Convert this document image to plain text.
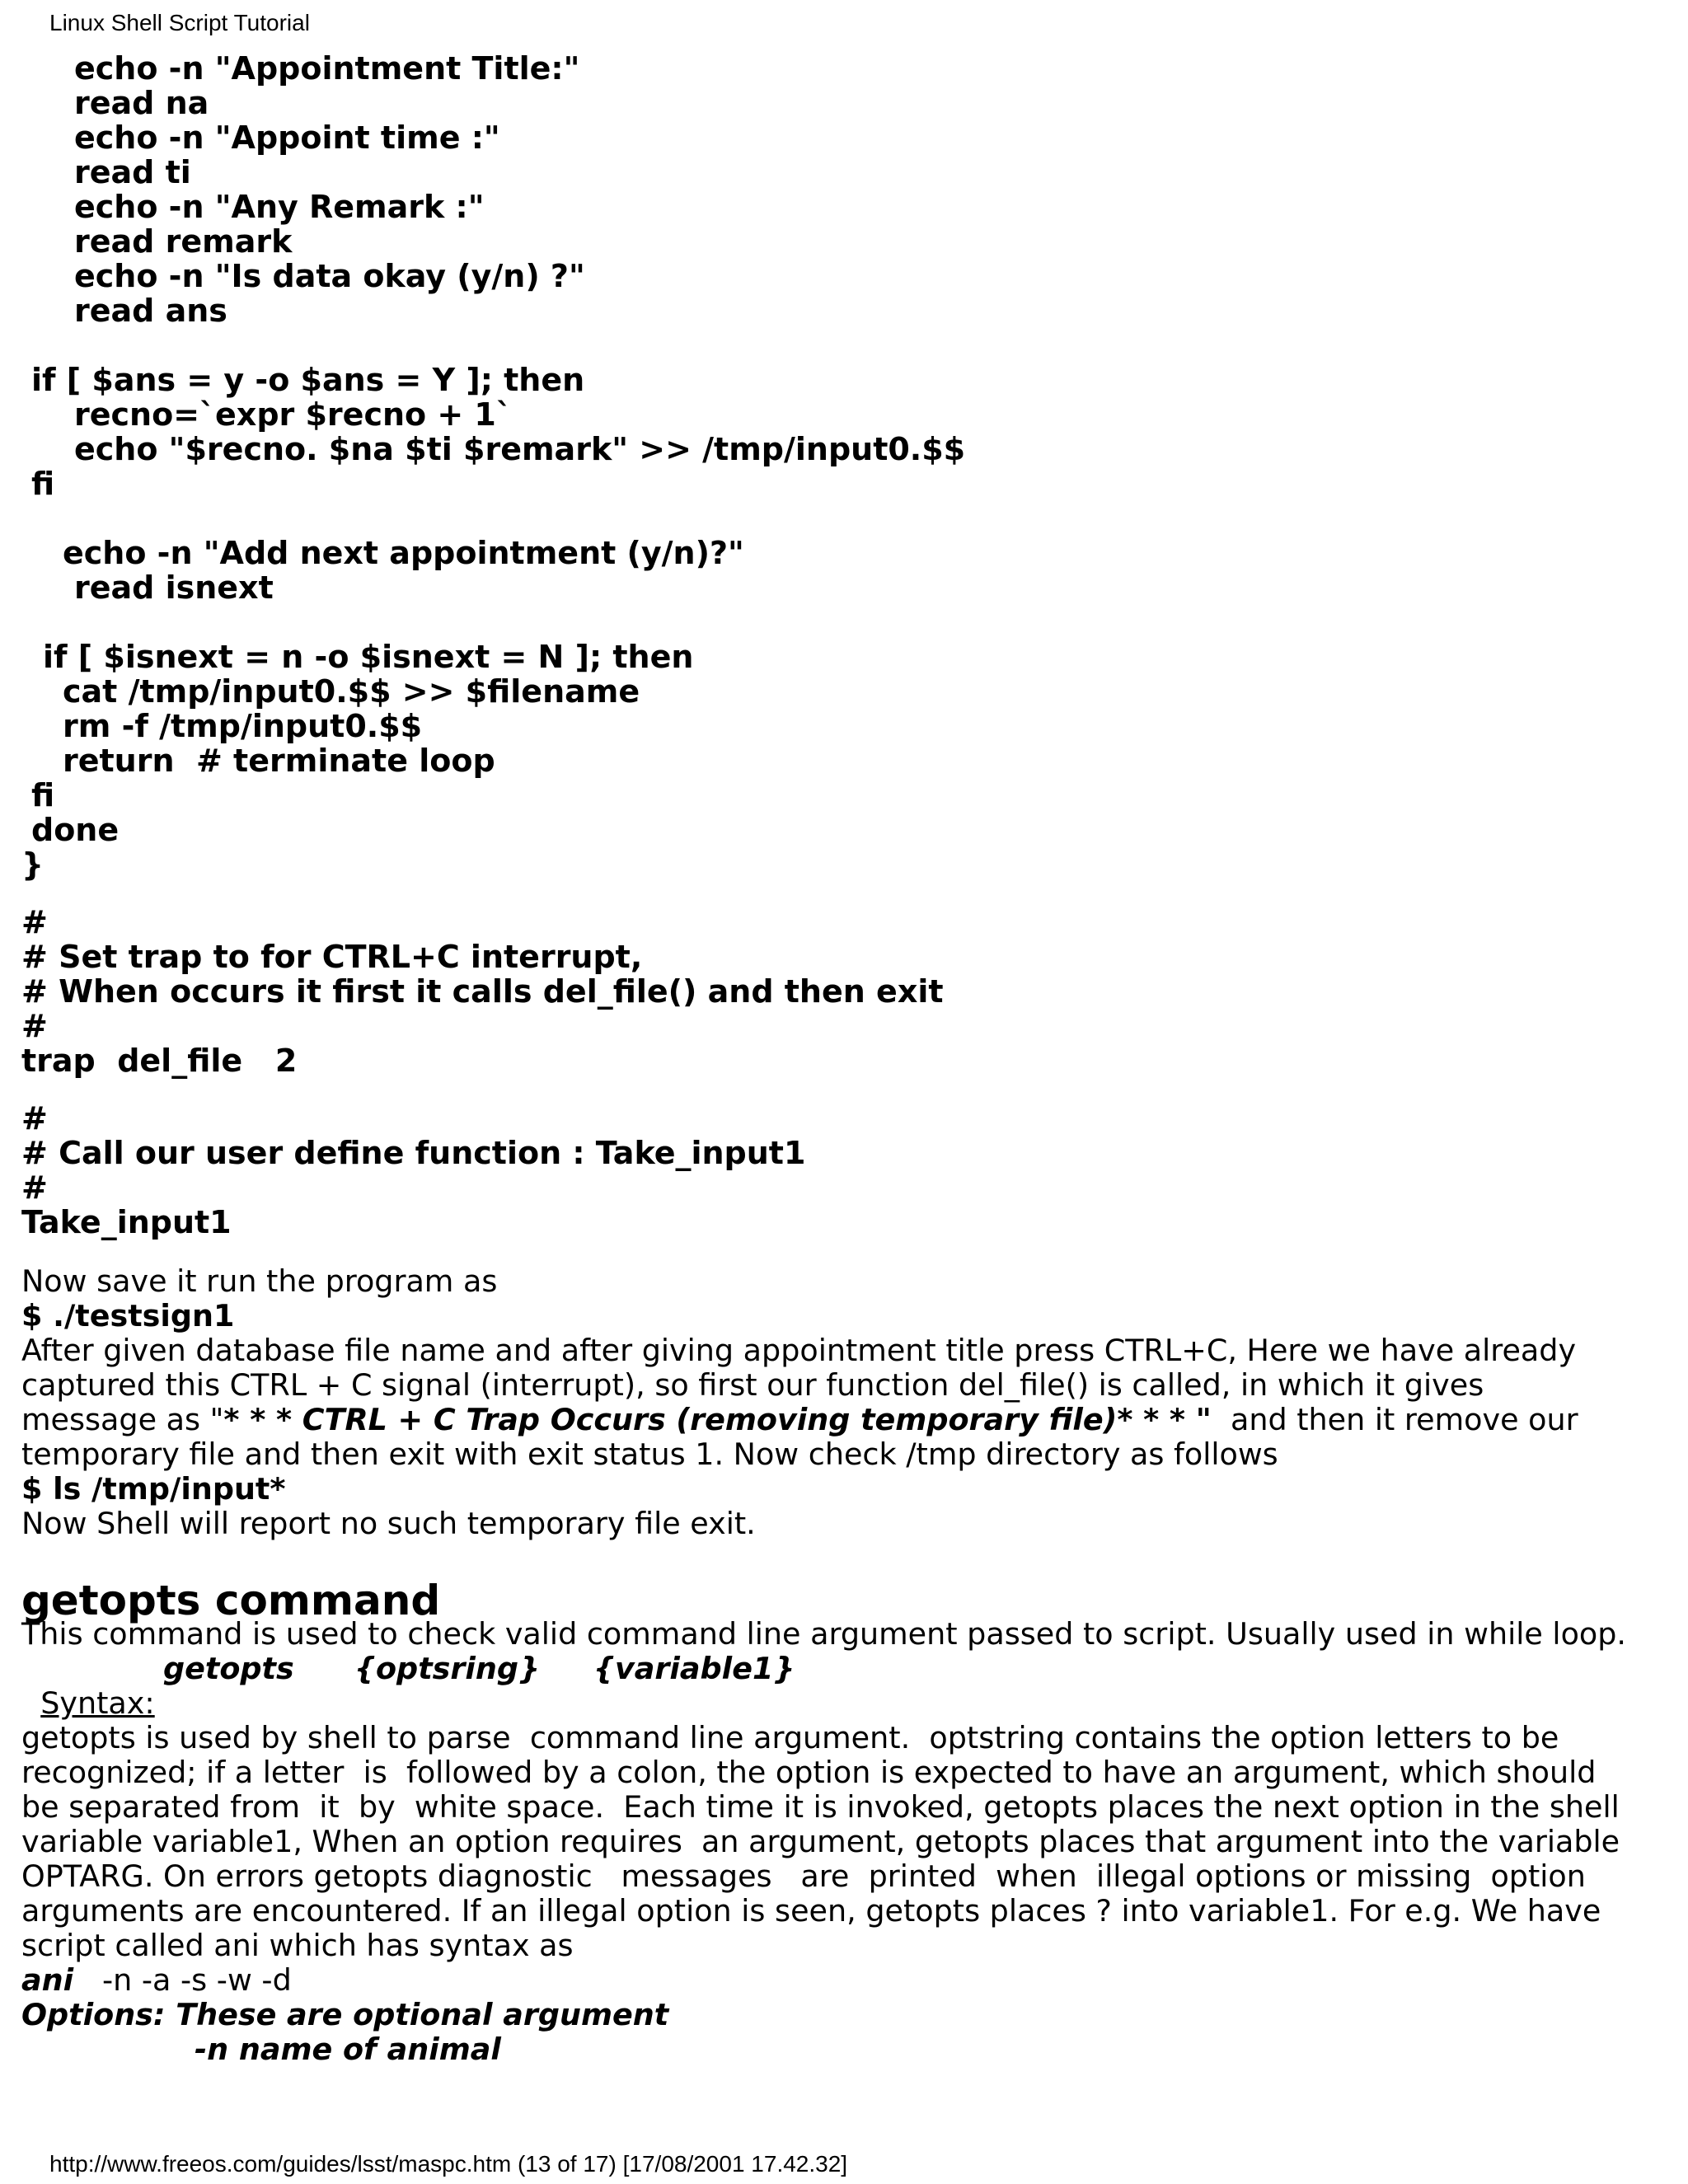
Linux Shell Script Tutorial
echo -n "Appointment Title:"
read na
echo -n "Appoint time :"
read ti
echo -n "Any Remark :"
read remark
echo -n "Is data okay (y/n) ?"
read ans
if [ $ans = y -o $ans = Y ]; then
recno=`expr $recno + 1`
echo "$recno. $na $ti $remark" >> /tmp/input0.$$
fi
echo -n "Add next appointment (y/n)?"
read isnext
if [ $isnext = n -o $isnext = N ]; then
cat /tmp/input0.$$ >> $filename
rm -f /tmp/input0.$$
return  # terminate loop
fi
done
}
#
# Set trap to for CTRL+C interrupt,
# When occurs it first it calls del_file() and then exit
#
trap  del_file   2
#
# Call our user define function : Take_input1
#
Take_input1
Now save it run the program as
$ ./testsign1
After given database file name and after giving appointment title press CTRL+C, Here we have already
captured this CTRL + C signal (interrupt), so first our function del_file() is called, in which it gives
message as "* * * CTRL + C Trap Occurs (removing temporary file)* * * "  and then it remove our
temporary file and then exit with exit status 1. Now check /tmp directory as follows
$ ls /tmp/input*
Now Shell will report no such temporary file exit.
getopts command
This command is used to check valid command line argument passed to script. Usually used in while loop.

Syntax:

getopts

{optsring}

{variable1}

getopts is used by shell to parse  command line argument.  optstring contains the option letters to be
recognized; if a letter  is  followed by a colon, the option is expected to have an argument, which should
be separated from  it  by  white space.  Each time it is invoked, getopts places the next option in the shell
variable variable1, When an option requires  an argument, getopts places that argument into the variable
OPTARG. On errors getopts diagnostic   messages   are  printed  when  illegal options or missing  option
arguments are encountered. If an illegal option is seen, getopts places ? into variable1. For e.g. We have
script called ani which has syntax as
ani   -n -a -s -w -d
Options: These are optional argument
-n name of animal
http://www.freeos.com/guides/lsst/maspc.htm (13 of 17) [17/08/2001 17.42.32]
